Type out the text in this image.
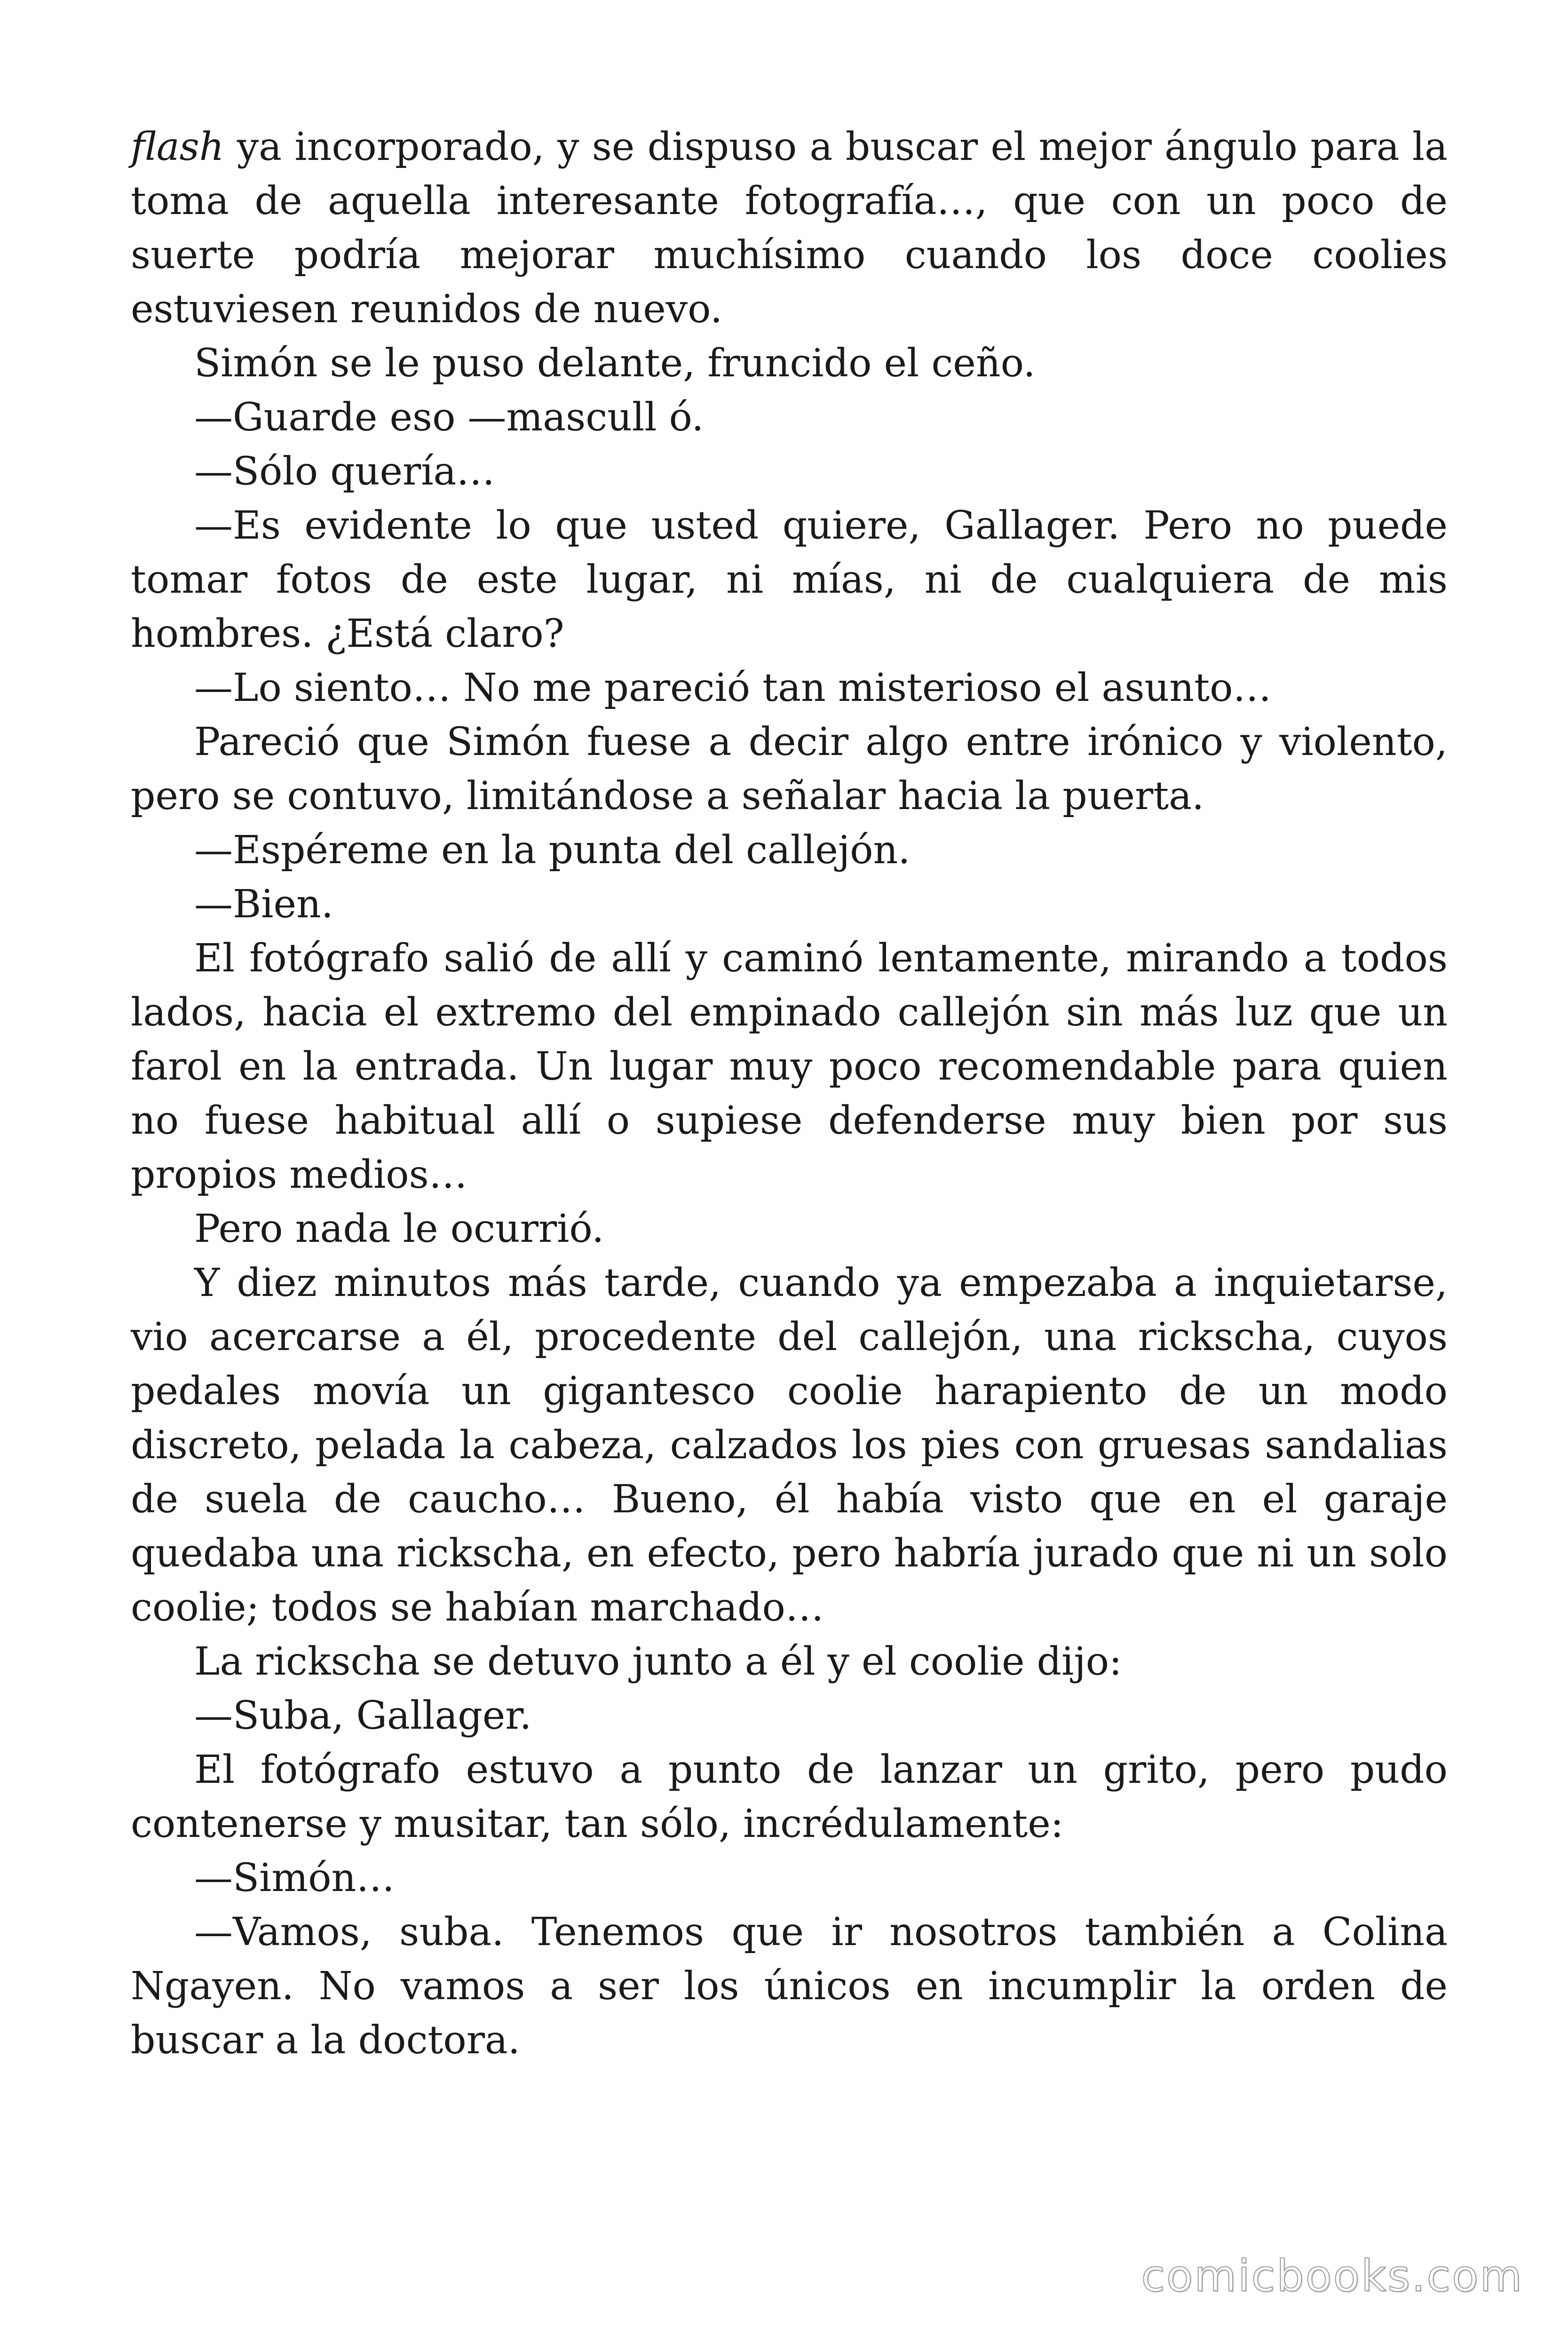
flash ya incorporado, y se dispuso a buscar el mejor ángulo para la toma de aquella interesante fotografía…, que con un poco de suerte podría mejorar muchísimo cuando los doce coolies estuviesen reunidos de nuevo.

Simón se le puso delante, fruncido el ceño.

—Guarde eso —mascull ó.

—Sólo quería…

—Es evidente lo que usted quiere, Gallager. Pero no puede tomar fotos de este lugar, ni mías, ni de cualquiera de mis hombres. ¿Está claro?

—Lo siento… No me pareció tan misterioso el asunto…

Pareció que Simón fuese a decir algo entre irónico y violento, pero se contuvo, limitándose a señalar hacia la puerta.

—Espéreme en la punta del callejón.

—Bien.

El fotógrafo salió de allí y caminó lentamente, mirando a todos lados, hacia el extremo del empinado callejón sin más luz que un farol en la entrada. Un lugar muy poco recomendable para quien no fuese habitual allí o supiese defenderse muy bien por sus propios medios…

Pero nada le ocurrió.

Y diez minutos más tarde, cuando ya empezaba a inquietarse, vio acercarse a él, procedente del callejón, una rickscha, cuyos pedales movía un gigantesco coolie harapiento de un modo discreto, pelada la cabeza, calzados los pies con gruesas sandalias de suela de caucho… Bueno, él había visto que en el garaje quedaba una rickscha, en efecto, pero habría jurado que ni un solo coolie; todos se habían marchado…

La rickscha se detuvo junto a él y el coolie dijo:

—Suba, Gallager.

El fotógrafo estuvo a punto de lanzar un grito, pero pudo contenerse y musitar, tan sólo, incrédulamente:

—Simón…

—Vamos, suba. Tenemos que ir nosotros también a Colina Ngayen. No vamos a ser los únicos en incumplir la orden de buscar a la doctora.

comicbooks.com
